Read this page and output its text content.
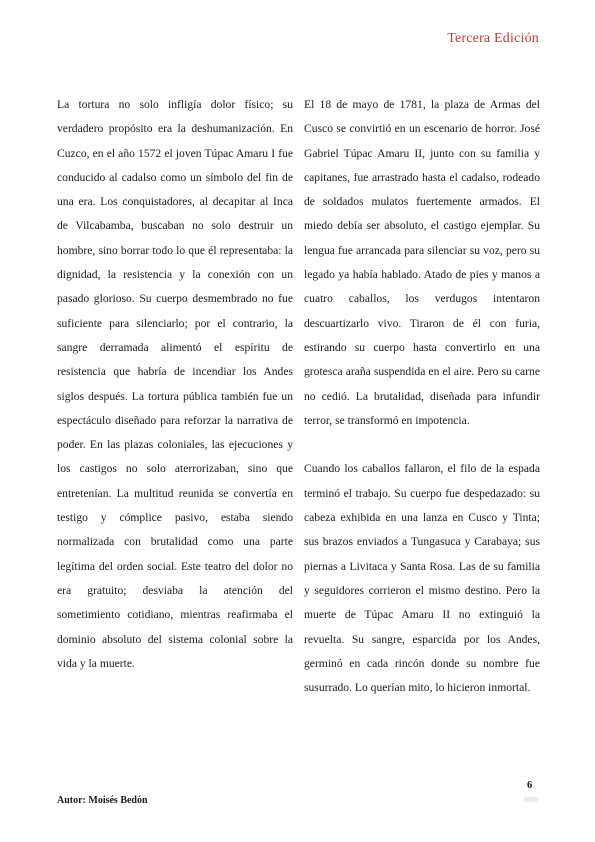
Tercera Edición

La tortura no solo infligía dolor físico; su verdadero propósito era la deshumanización. En Cuzco, en el año 1572 el joven Túpac Amaru I fue conducido al cadalso como un símbolo del fin de una era. Los conquistadores, al decapitar al Inca de Vilcabamba, buscaban no solo destruir un hombre, sino borrar todo lo que él representaba: la dignidad, la resistencia y la conexión con un pasado glorioso. Su cuerpo desmembrado no fue suficiente para silenciarlo; por el contrario, la sangre derramada alimentó el espíritu de resistencia que habría de incendiar los Andes siglos después. La tortura pública también fue un espectáculo diseñado para reforzar la narrativa de poder. En las plazas coloniales, las ejecuciones y los castigos no solo aterrorizaban, sino que entretenían. La multitud reunida se convertía en testigo y cómplice pasivo, estaba siendo normalizada con brutalidad como una parte legítima del orden social. Este teatro del dolor no era gratuito; desviaba la atención del sometimiento cotidiano, mientras reafirmaba el dominio absoluto del sistema colonial sobre la vida y la muerte.

El 18 de mayo de 1781, la plaza de Armas del Cusco se convirtió en un escenario de horror. José Gabriel Túpac Amaru II, junto con su familia y capitanes, fue arrastrado hasta el cadalso, rodeado de soldados mulatos fuertemente armados. El miedo debía ser absoluto, el castigo ejemplar. Su lengua fue arrancada para silenciar su voz, pero su legado ya había hablado. Atado de pies y manos a cuatro caballos, los verdugos intentaron descuartizarlo vivo. Tiraron de él con furia, estirando su cuerpo hasta convertirlo en una grotesca araña suspendida en el aire. Pero su carne no cedió. La brutalidad, diseñada para infundir terror, se transformó en impotencia.

Cuando los caballos fallaron, el filo de la espada terminó el trabajo. Su cuerpo fue despedazado: su cabeza exhibida en una lanza en Cusco y Tinta; sus brazos enviados a Tungasuca y Carabaya; sus piernas a Livitaca y Santa Rosa. Las de su familia y seguidores corrieron el mismo destino. Pero la muerte de Túpac Amaru II no extinguió la revuelta. Su sangre, esparcida por los Andes, germinó en cada rincón donde su nombre fue susurrado. Lo querían mito, lo hicieron inmortal.

6
Autor: Moisés Bedón
